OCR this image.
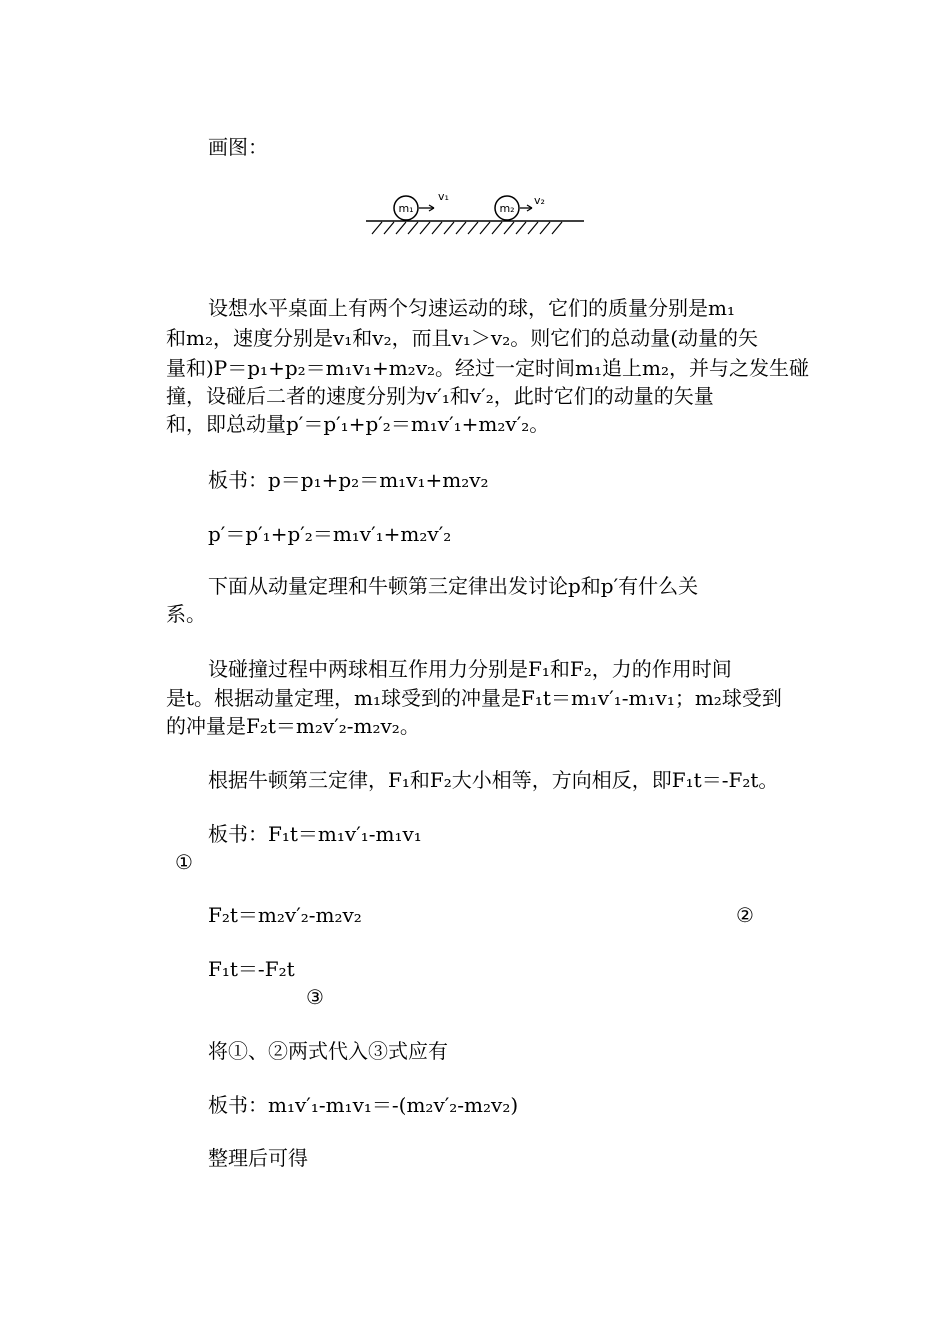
画图：
m₁
v₁
m₂
v₂
设想水平桌面上有两个匀速运动的球，它们的质量分别是m₁
和m₂，速度分别是v₁和v₂，而且v₁＞v₂。则它们的总动量(动量的矢
量和)P＝p₁+p₂＝m₁v₁+m₂v₂。经过一定时间m₁追上m₂，并与之发生碰
撞，设碰后二者的速度分别为v′₁和v′₂，此时它们的动量的矢量
和，即总动量p′＝p′₁+p′₂＝m₁v′₁+m₂v′₂。
板书：p＝p₁+p₂＝m₁v₁+m₂v₂
p′＝p′₁+p′₂＝m₁v′₁+m₂v′₂
下面从动量定理和牛顿第三定律出发讨论p和p′有什么关
系。
设碰撞过程中两球相互作用力分别是F₁和F₂，力的作用时间
是t。根据动量定理，m₁球受到的冲量是F₁t＝m₁v′₁-m₁v₁；m₂球受到
的冲量是F₂t＝m₂v′₂-m₂v₂。
根据牛顿第三定律，F₁和F₂大小相等，方向相反，即F₁t＝-F₂t。
板书：F₁t＝m₁v′₁-m₁v₁
①
F₂t＝m₂v′₂-m₂v₂	②
F₁t＝-F₂t
③
将①、②两式代入③式应有
板书：m₁v′₁-m₁v₁＝-(m₂v′₂-m₂v₂)
整理后可得
